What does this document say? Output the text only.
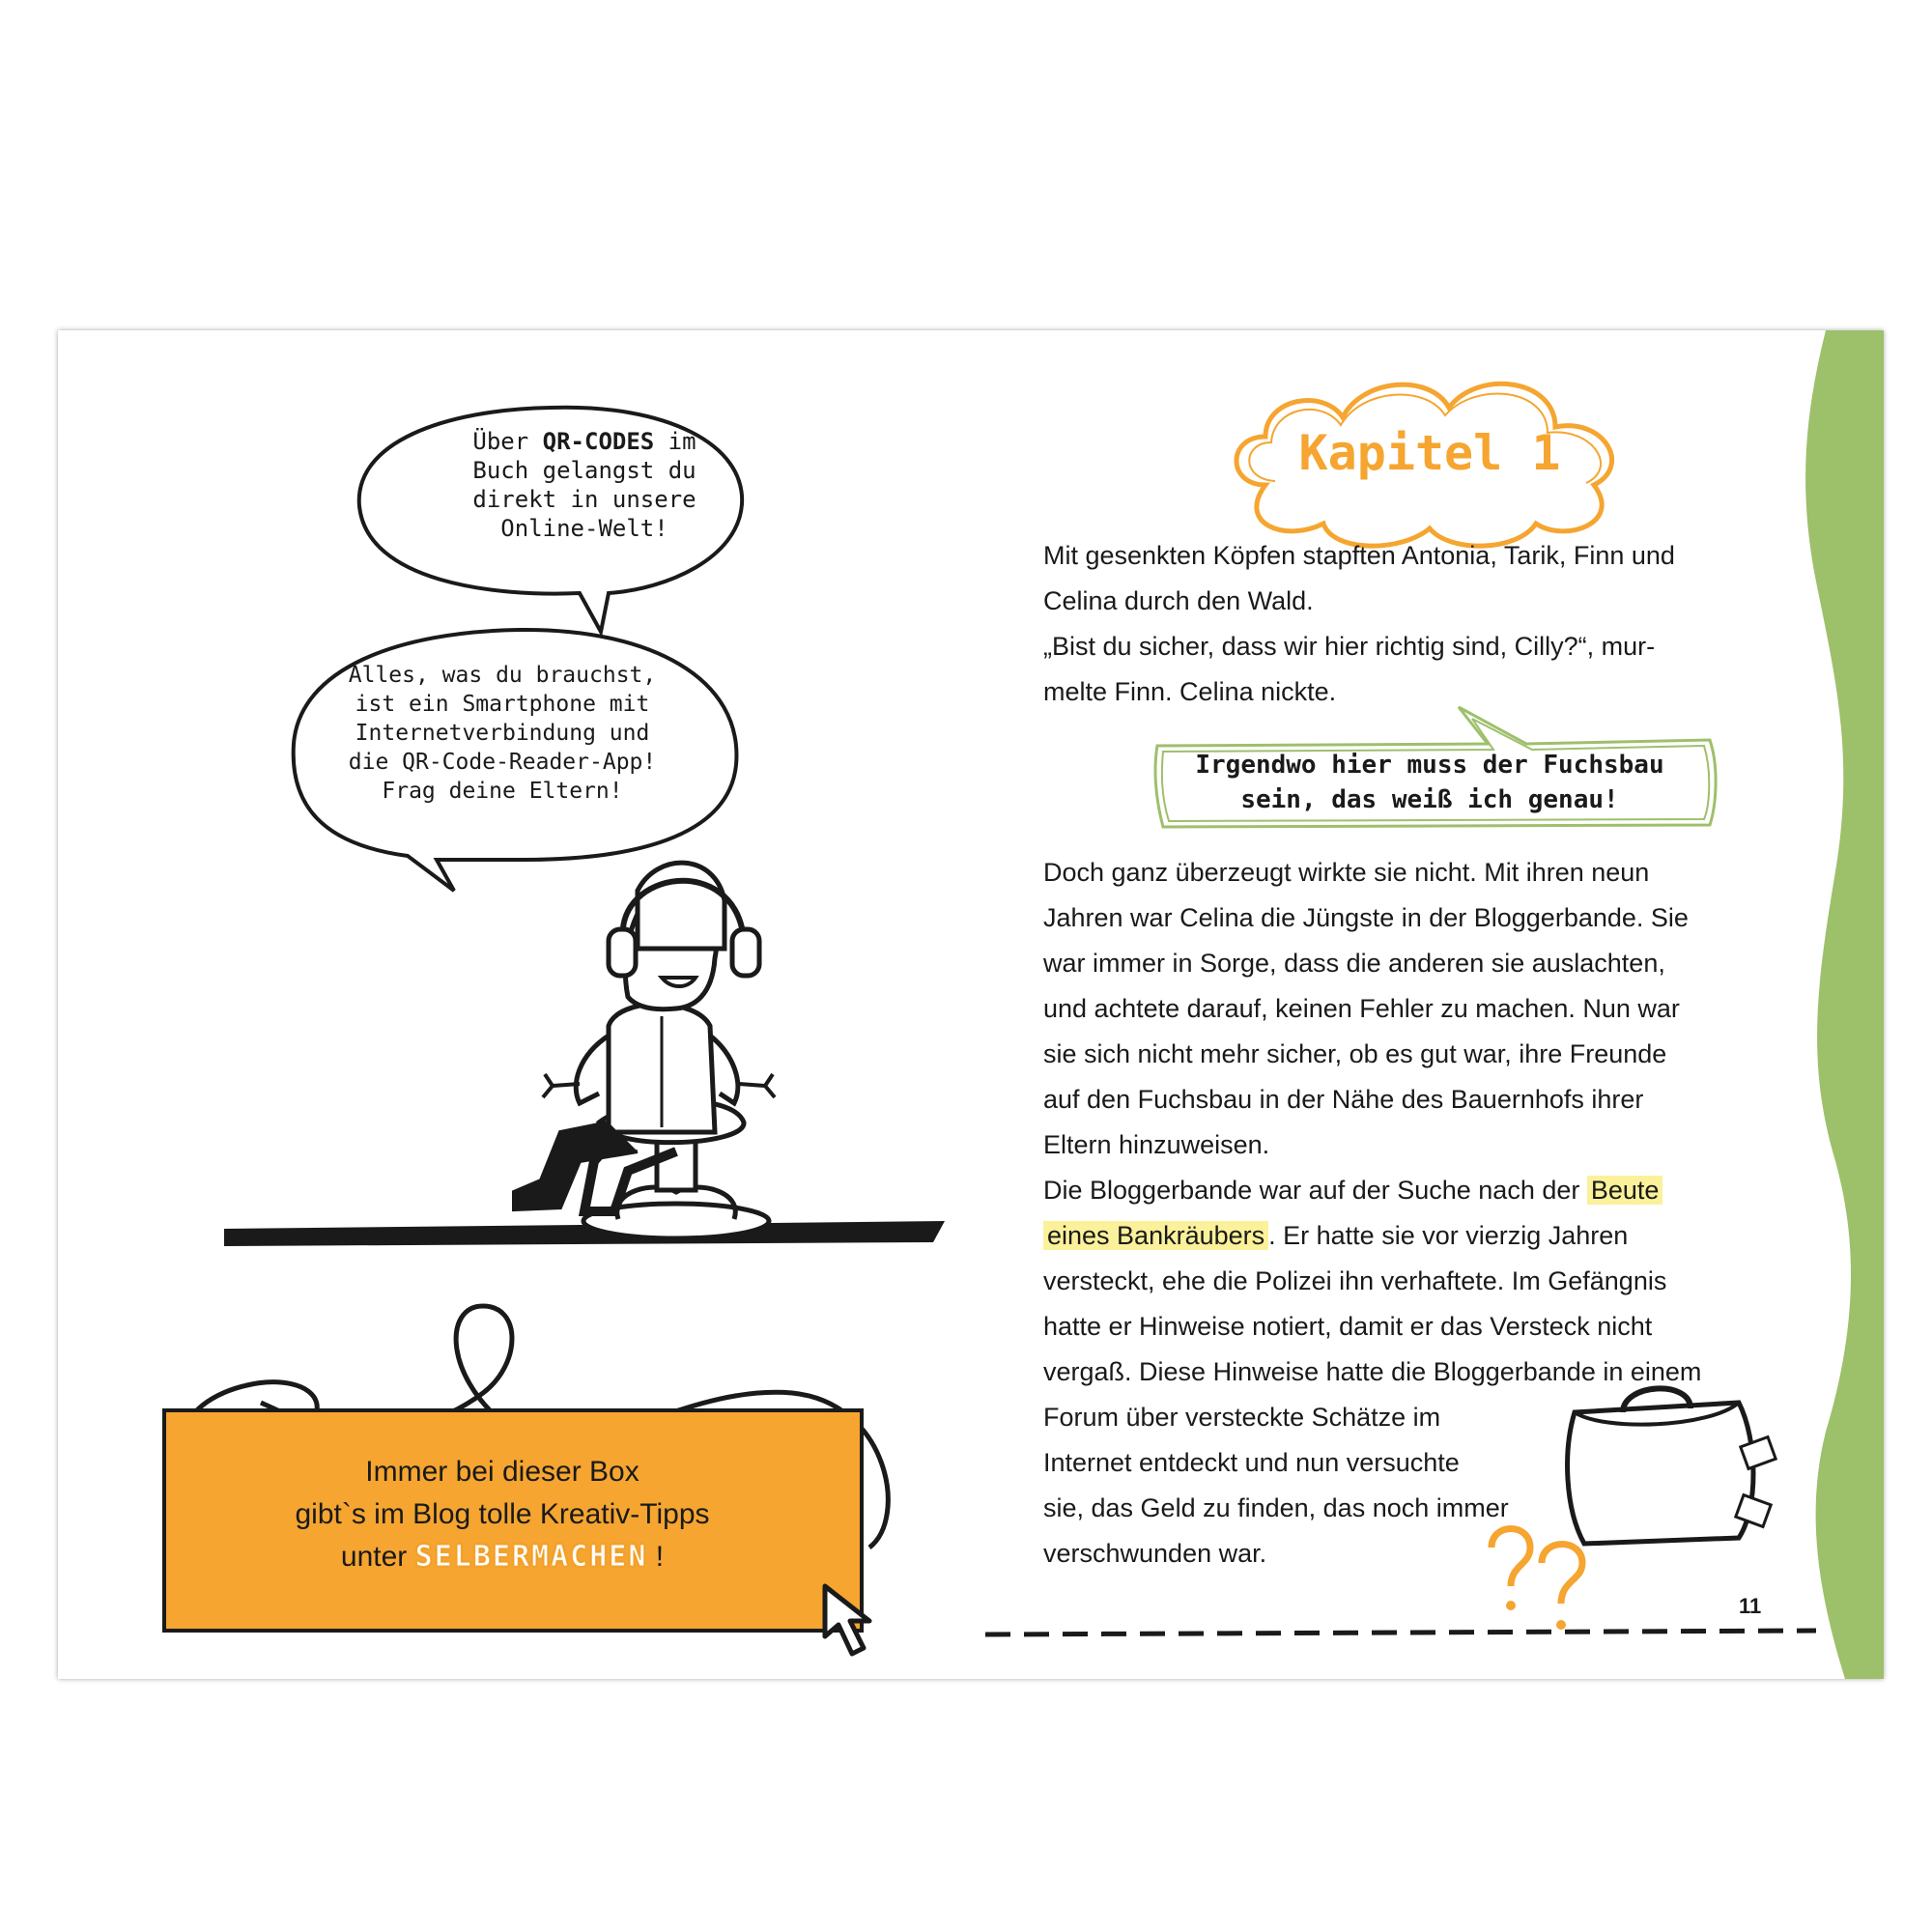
Über QR-CODES im
Buch gelangst du
direkt in unsere
Online-Welt!
Alles, was du brauchst,
ist ein Smartphone mit
Internetverbindung und
die QR-Code-Reader-App!
Frag deine Eltern!
Immer bei dieser Box
gibt`s im Blog tolle Kreativ-Tipps
unter SELBERMACHEN !
Kapitel 1
Mit gesenkten Köpfen stapften Antonia, Tarik, Finn und
Celina durch den Wald.
„Bist du sicher, dass wir hier richtig sind, Cilly?“, mur-
melte Finn. Celina nickte.
Irgendwo hier muss der Fuchsbau
sein, das weiß ich genau!
Doch ganz überzeugt wirkte sie nicht. Mit ihren neun
Jahren war Celina die Jüngste in der Bloggerbande. Sie
war immer in Sorge, dass die anderen sie auslachten,
und achtete darauf, keinen Fehler zu machen. Nun war
sie sich nicht mehr sicher, ob es gut war, ihre Freunde
auf den Fuchsbau in der Nähe des Bauernhofs ihrer
Eltern hinzuweisen.
Die Bloggerbande war auf der Suche nach der Beute
eines Bankräubers . Er hatte sie vor vierzig Jahren
versteckt, ehe die Polizei ihn verhaftete. Im Gefängnis
hatte er Hinweise notiert, damit er das Versteck nicht
vergaß. Diese Hinweise hatte die Bloggerbande in einem
Forum über versteckte Schätze im
Internet entdeckt und nun versuchte
sie, das Geld zu finden, das noch immer
verschwunden war.
11
